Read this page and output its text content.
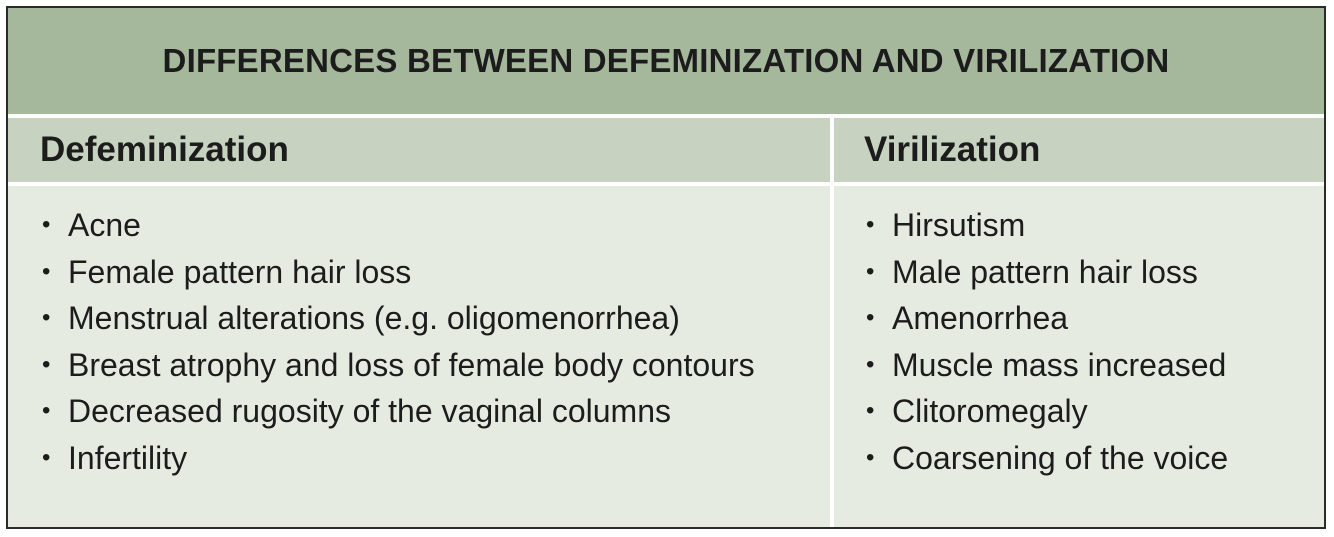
DIFFERENCES BETWEEN DEFEMINIZATION AND VIRILIZATION
Defeminization	Virilization
• Acne
• Female pattern hair loss
• Menstrual alterations (e.g. oligomenorrhea)
• Breast atrophy and loss of female body contours
• Decreased rugosity of the vaginal columns
• Infertility
• Hirsutism
• Male pattern hair loss
• Amenorrhea
• Muscle mass increased
• Clitoromegaly
• Coarsening of the voice
